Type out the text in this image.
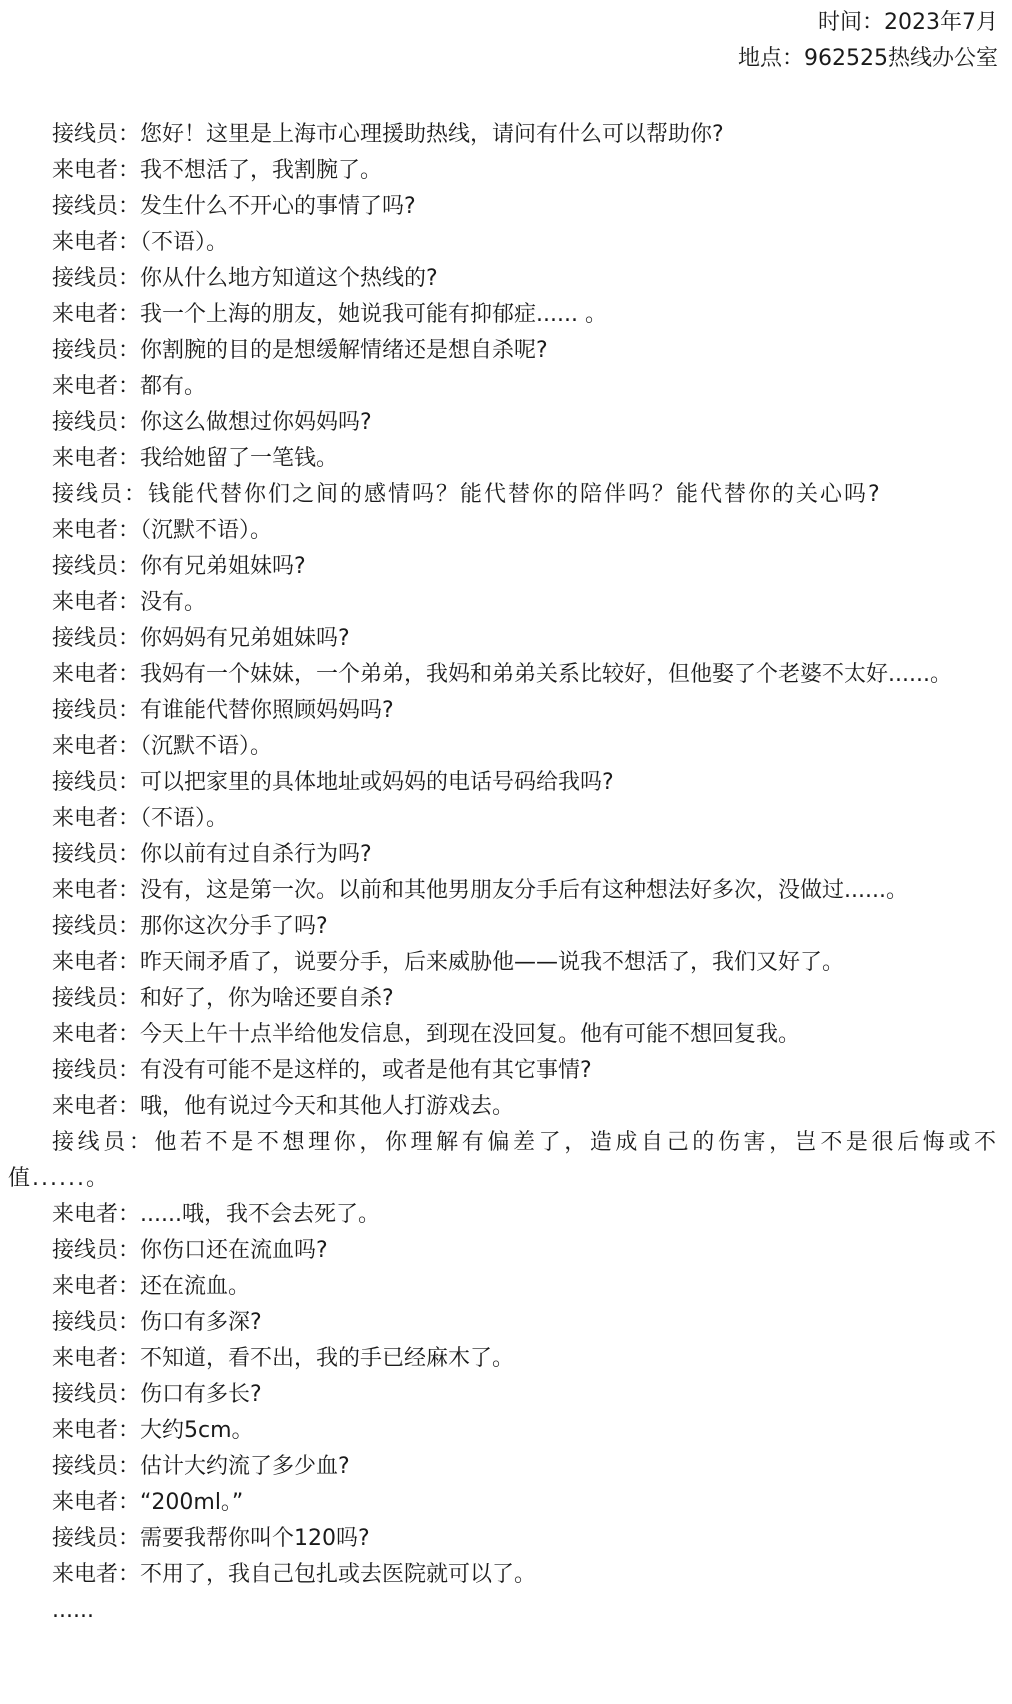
时间：2023年7月
地点：962525热线办公室

接线员：您好！这里是上海市心理援助热线，请问有什么可以帮助你?

来电者：我不想活了，我割腕了。

接线员：发生什么不开心的事情了吗?

来电者：（不语）。

接线员：你从什么地方知道这个热线的?

来电者：我一个上海的朋友，她说我可能有抑郁症...... 。

接线员：你割腕的目的是想缓解情绪还是想自杀呢?

来电者：都有。

接线员：你这么做想过你妈妈吗?

来电者：我给她留了一笔钱。

接线员：钱能代替你们之间的感情吗？能代替你的陪伴吗？能代替你的关心吗?

来电者：（沉默不语）。

接线员：你有兄弟姐妹吗?

来电者：没有。

接线员：你妈妈有兄弟姐妹吗?

来电者：我妈有一个妹妹，一个弟弟，我妈和弟弟关系比较好，但他娶了个老婆不太好......。

接线员：有谁能代替你照顾妈妈吗?

来电者：（沉默不语）。

接线员：可以把家里的具体地址或妈妈的电话号码给我吗?

来电者：（不语）。

接线员：你以前有过自杀行为吗?

来电者：没有，这是第一次。以前和其他男朋友分手后有这种想法好多次，没做过......。

接线员：那你这次分手了吗?

来电者：昨天闹矛盾了，说要分手，后来威胁他——说我不想活了，我们又好了。

接线员：和好了，你为啥还要自杀?

来电者：今天上午十点半给他发信息，到现在没回复。他有可能不想回复我。

接线员：有没有可能不是这样的，或者是他有其它事情?

来电者：哦，他有说过今天和其他人打游戏去。

接线员：他若不是不想理你，你理解有偏差了，造成自己的伤害，岂不是很后悔或不值......。

来电者：......哦，我不会去死了。

接线员：你伤口还在流血吗?

来电者：还在流血。

接线员：伤口有多深?

来电者：不知道，看不出，我的手已经麻木了。

接线员：伤口有多长?

来电者：大约5cm。

接线员：估计大约流了多少血?

来电者：“200ml。”

接线员：需要我帮你叫个120吗?

来电者：不用了，我自己包扎或去医院就可以了。

......
